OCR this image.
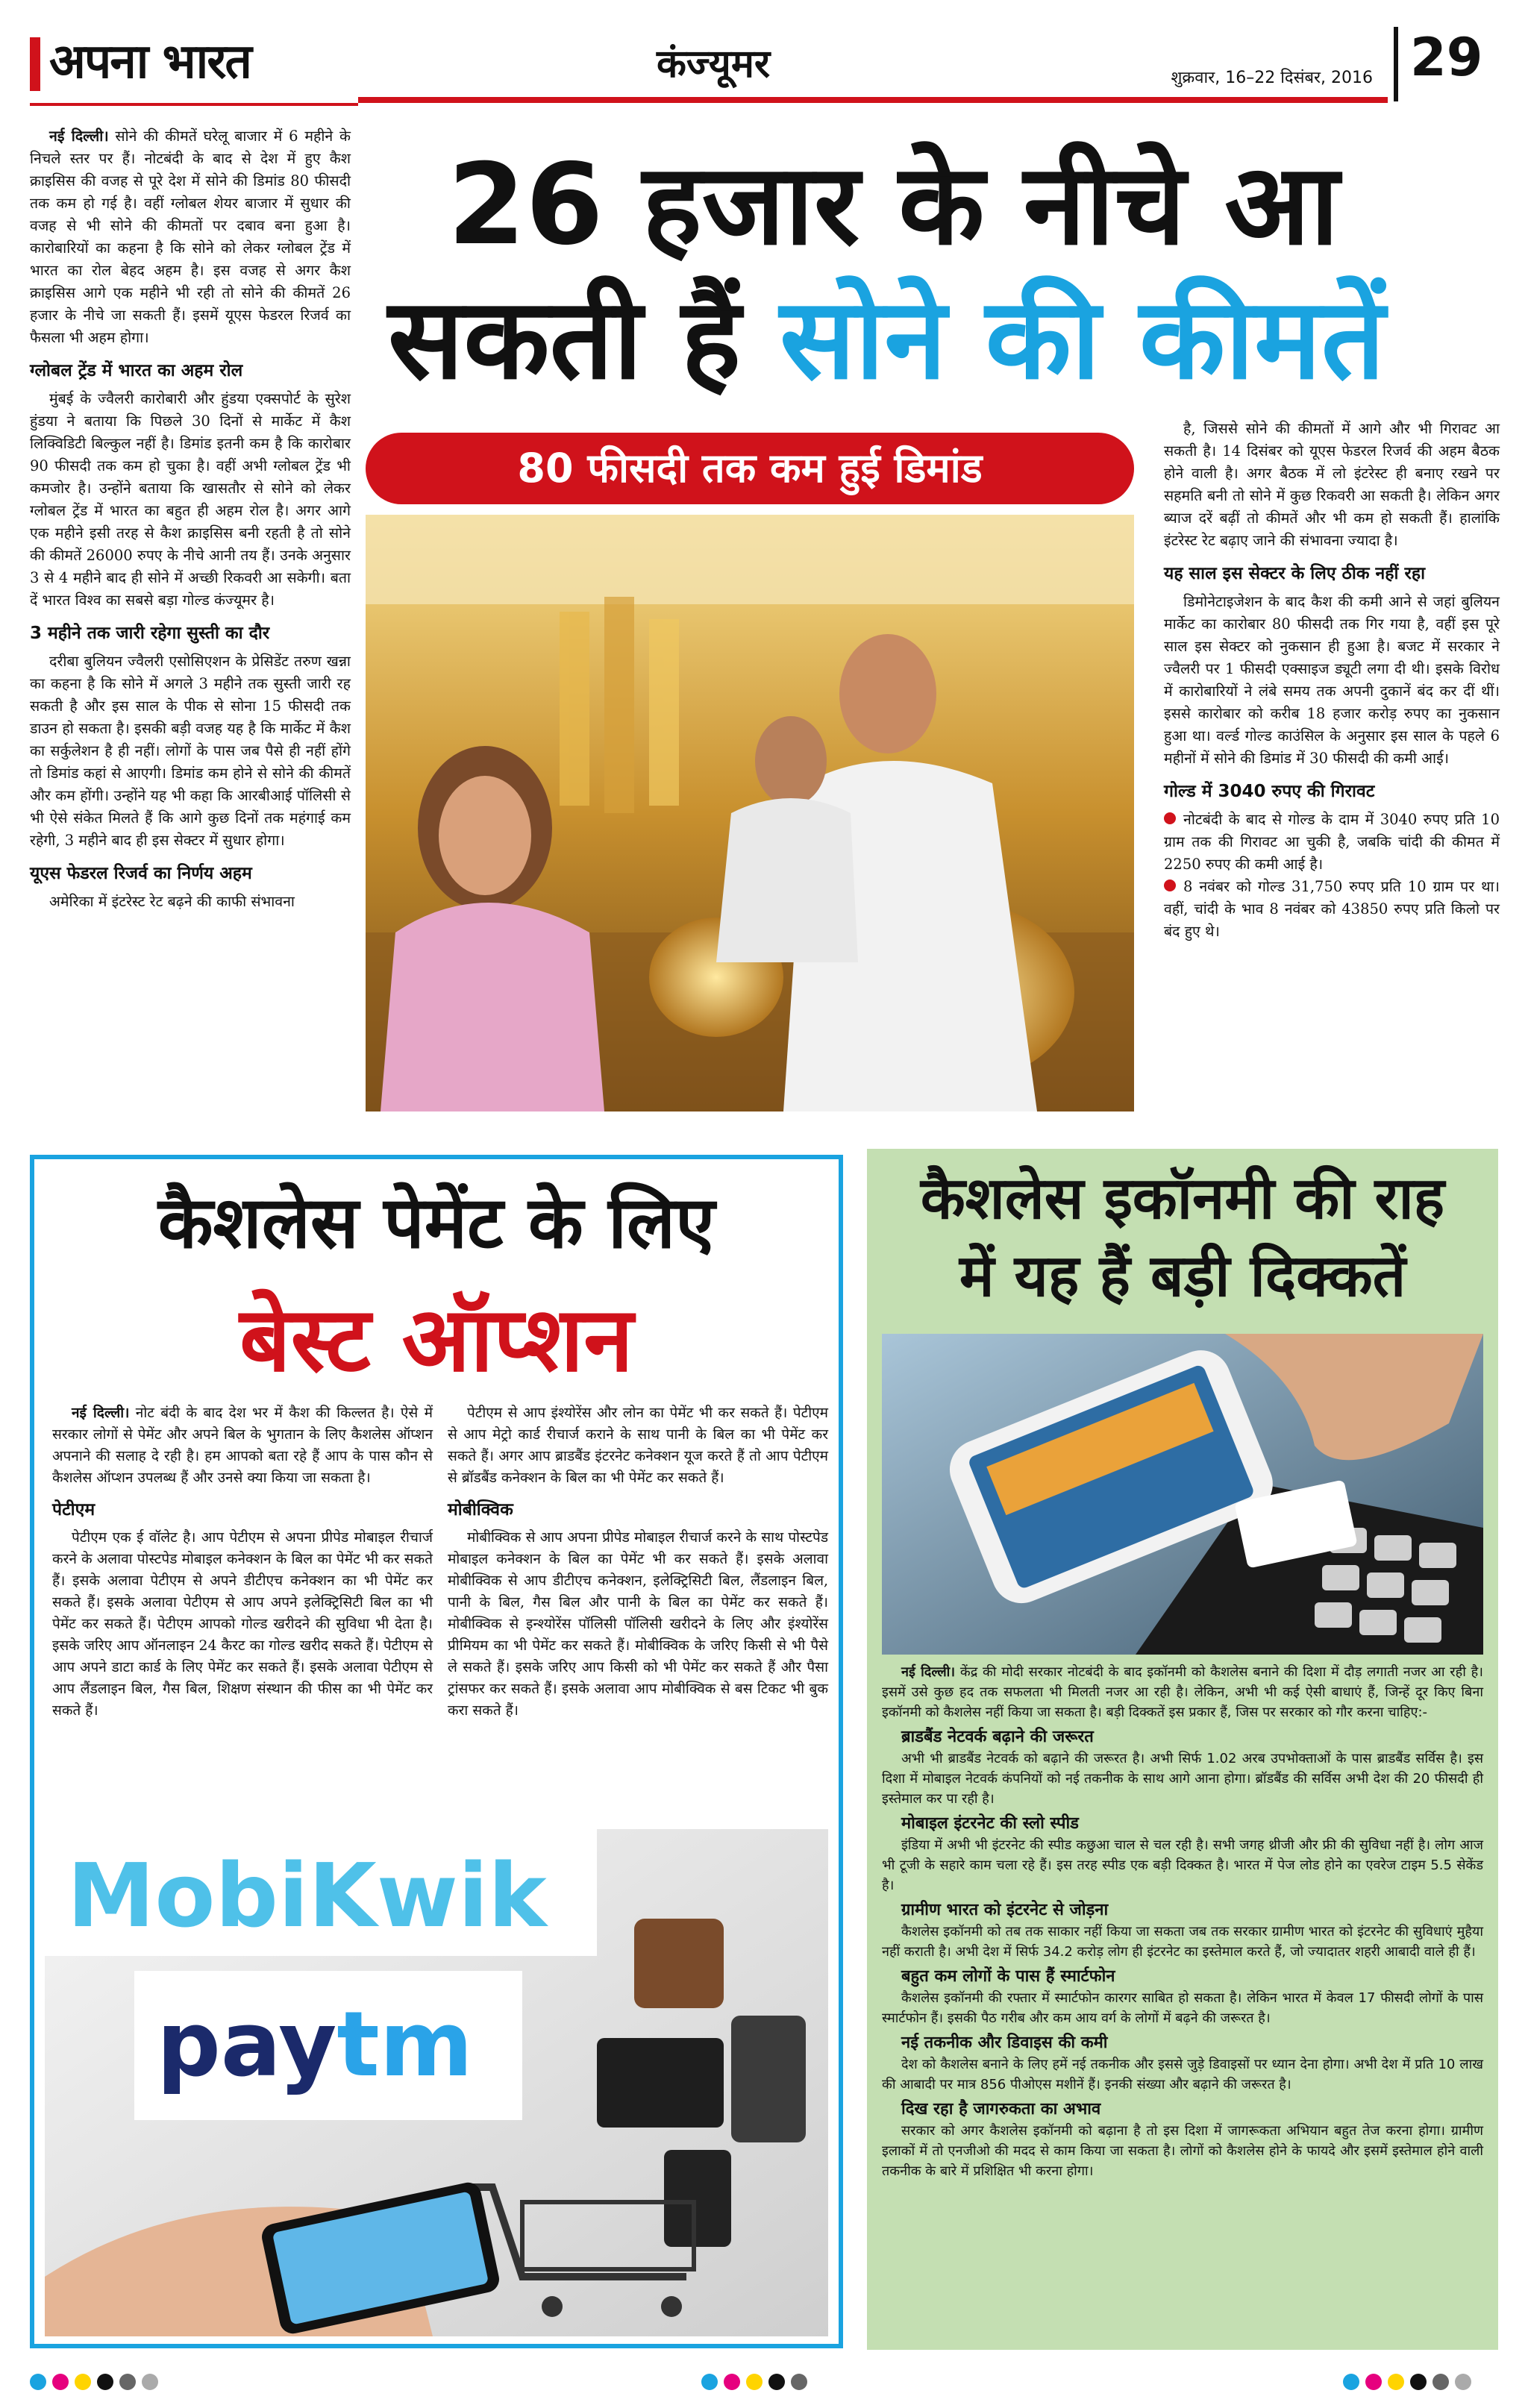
अपना भारत	कंज्यूमर	शुक्रवार, 16–22 दिसंबर, 2016 29

नई दिल्ली। सोने की कीमतें घरेलू बाजार में 6 महीने के निचले स्तर पर हैं। नोटबंदी के बाद से देश में हुए कैश क्राइसिस की वजह से पूरे देश में सोने की डिमांड 80 फीसदी तक कम हो गई है। वहीं ग्लोबल शेयर बाजार में सुधार की वजह से भी सोने की कीमतों पर दबाव बना हुआ है। कारोबारियों का कहना है कि सोने को लेकर ग्लोबल ट्रेंड में भारत का रोल बेहद अहम है। इस वजह से अगर कैश क्राइसिस आगे एक महीने भी रही तो सोने की कीमतें 26 हजार के नीचे जा सकती हैं। इसमें यूएस फेडरल रिजर्व का फैसला भी अहम होगा।

ग्लोबल ट्रेंड में भारत का अहम रोल

मुंबई के ज्वैलरी कारोबारी और हुंडया एक्सपोर्ट के सुरेश हुंडया ने बताया कि पिछले 30 दिनों से मार्केट में कैश लिक्विडिटी बिल्कुल नहीं है। डिमांड इतनी कम है कि कारोबार 90 फीसदी तक कम हो चुका है। वहीं अभी ग्लोबल ट्रेंड भी कमजोर है। उन्होंने बताया कि खासतौर से सोने को लेकर ग्लोबल ट्रेंड में भारत का बहुत ही अहम रोल है। अगर आगे एक महीने इसी तरह से कैश क्राइसिस बनी रहती है तो सोने की कीमतें 26000 रुपए के नीचे आनी तय हैं। उनके अनुसार 3 से 4 महीने बाद ही सोने में अच्छी रिकवरी आ सकेगी। बता दें भारत विश्व का सबसे बड़ा गोल्ड कंज्यूमर है।

3 महीने तक जारी रहेगा सुस्ती का दौर

दरीबा बुलियन ज्वैलरी एसोसिएशन के प्रेसिडेंट तरुण खन्ना का कहना है कि सोने में अगले 3 महीने तक सुस्ती जारी रह सकती है और इस साल के पीक से सोना 15 फीसदी तक डाउन हो सकता है। इसकी बड़ी वजह यह है कि मार्केट में कैश का सर्कुलेशन है ही नहीं। लोगों के पास जब पैसे ही नहीं होंगे तो डिमांड कहां से आएगी। डिमांड कम होने से सोने की कीमतें और कम होंगी। उन्होंने यह भी कहा कि आरबीआई पॉलिसी से भी ऐसे संकेत मिलते हैं कि आगे कुछ दिनों तक महंगाई कम रहेगी, 3 महीने बाद ही इस सेक्टर में सुधार होगा।

यूएस फेडरल रिजर्व का निर्णय अहम

अमेरिका में इंटरेस्ट रेट बढ़ने की काफी संभावना

26 हजार के नीचे आ
सकती हैं सोने की कीमतें
80 फीसदी तक कम हुई डिमांड

है, जिससे सोने की कीमतों में आगे और भी गिरावट आ सकती है। 14 दिसंबर को यूएस फेडरल रिजर्व की अहम बैठक होने वाली है। अगर बैठक में लो इंटरेस्ट ही बनाए रखने पर सहमति बनी तो सोने में कुछ रिकवरी आ सकती है। लेकिन अगर ब्याज दरें बढ़ीं तो कीमतें और भी कम हो सकती हैं। हालांकि इंटरेस्ट रेट बढ़ाए जाने की संभावना ज्यादा है।

यह साल इस सेक्टर के लिए ठीक नहीं रहा

डिमोनेटाइजेशन के बाद कैश की कमी आने से जहां बुलियन मार्केट का कारोबार 80 फीसदी तक गिर गया है, वहीं इस पूरे साल इस सेक्टर को नुकसान ही हुआ है। बजट में सरकार ने ज्वैलरी पर 1 फीसदी एक्साइज ड्यूटी लगा दी थी। इसके विरोध में कारोबारियों ने लंबे समय तक अपनी दुकानें बंद कर दीं थीं। इससे कारोबार को करीब 18 हजार करोड़ रुपए का नुकसान हुआ था। वर्ल्ड गोल्ड काउंसिल के अनुसार इस साल के पहले 6 महीनों में सोने की डिमांड में 30 फीसदी की कमी आई।

गोल्ड में 3040 रुपए की गिरावट

नोटबंदी के बाद से गोल्ड के दाम में 3040 रुपए प्रति 10 ग्राम तक की गिरावट आ चुकी है, जबकि चांदी की कीमत में 2250 रुपए की कमी आई है।

8 नवंबर को गोल्ड 31,750 रुपए प्रति 10 ग्राम पर था। वहीं, चांदी के भाव 8 नवंबर को 43850 रुपए प्रति किलो पर बंद हुए थे।

कैशलेस पेमेंट के लिए
बेस्ट ऑप्शन

नई दिल्ली। नोट बंदी के बाद देश भर में कैश की किल्लत है। ऐसे में सरकार लोगों से पेमेंट और अपने बिल के भुगतान के लिए कैशलेस ऑप्शन अपनाने की सलाह दे रही है। हम आपको बता रहे हैं आप के पास कौन से कैशलेस ऑप्शन उपलब्ध हैं और उनसे क्या किया जा सकता है।

पेटीएम

पेटीएम एक ई वॉलेट है। आप पेटीएम से अपना प्रीपेड मोबाइल रीचार्ज करने के अलावा पोस्टपेड मोबाइल कनेक्शन के बिल का पेमेंट भी कर सकते हैं। इसके अलावा पेटीएम से अपने डीटीएच कनेक्शन का भी पेमेंट कर सकते हैं। इसके अलावा पेटीएम से आप अपने इलेक्ट्रिसिटी बिल का भी पेमेंट कर सकते हैं। पेटीएम आपको गोल्ड खरीदने की सुविधा भी देता है। इसके जरिए आप ऑनलाइन 24 कैरट का गोल्ड खरीद सकते हैं। पेटीएम से आप अपने डाटा कार्ड के लिए पेमेंट कर सकते हैं। इसके अलावा पेटीएम से आप लैंडलाइन बिल, गैस बिल, शिक्षण संस्थान की फीस का भी पेमेंट कर सकते हैं।

पेटीएम से आप इंश्योरेंस और लोन का पेमेंट भी कर सकते हैं। पेटीएम से आप मेट्रो कार्ड रीचार्ज कराने के साथ पानी के बिल का भी पेमेंट कर सकते हैं। अगर आप ब्राडबैंड इंटरनेट कनेक्शन यूज करते हैं तो आप पेटीएम से ब्रॉडबैंड कनेक्शन के बिल का भी पेमेंट कर सकते हैं।

मोबीक्विक

मोबीक्विक से आप अपना प्रीपेड मोबाइल रीचार्ज करने के साथ पोस्टपेड मोबाइल कनेक्शन के बिल का पेमेंट भी कर सकते हैं। इसके अलावा मोबीक्विक से आप डीटीएच कनेक्शन, इलेक्ट्रिसिटी बिल, लैंडलाइन बिल, पानी के बिल, गैस बिल और पानी के बिल का पेमेंट कर सकते हैं। मोबीक्विक से इन्श्योरेंस पॉलिसी पॉलिसी खरीदने के लिए और इंश्योरेंस प्रीमियम का भी पेमेंट कर सकते हैं। मोबीक्विक के जरिए किसी से भी पैसे ले सकते हैं। इसके जरिए आप किसी को भी पेमेंट कर सकते हैं और पैसा ट्रांसफर कर सकते हैं। इसके अलावा आप मोबीक्विक से बस टिकट भी बुक करा सकते हैं।

MobiKwik
paytm
कैशलेस इकॉनमी की राह
में यह हैं बड़ी दिक्कतें

नई दिल्ली। केंद्र की मोदी सरकार नोटबंदी के बाद इकॉनमी को कैशलेस बनाने की दिशा में दौड़ लगाती नजर आ रही है। इसमें उसे कुछ हद तक सफलता भी मिलती नजर आ रही है। लेकिन, अभी भी कई ऐसी बाधाएं हैं, जिन्हें दूर किए बिना इकॉनमी को कैशलेस नहीं किया जा सकता है। बड़ी दिक्कतें इस प्रकार हैं, जिस पर सरकार को गौर करना चाहिए:-

ब्राडबैंड नेटवर्क बढ़ाने की जरूरत

अभी भी ब्राडबैंड नेटवर्क को बढ़ाने की जरूरत है। अभी सिर्फ 1.02 अरब उपभोक्ताओं के पास ब्राडबैंड सर्विस है। इस दिशा में मोबाइल नेटवर्क कंपनियों को नई तकनीक के साथ आगे आना होगा। ब्रॉडबैंड की सर्विस अभी देश की 20 फीसदी ही इस्तेमाल कर पा रही है।

मोबाइल इंटरनेट की स्लो स्पीड

इंडिया में अभी भी इंटरनेट की स्पीड कछुआ चाल से चल रही है। सभी जगह थ्रीजी और फ्री की सुविधा नहीं है। लोग आज भी टूजी के सहारे काम चला रहे हैं। इस तरह स्पीड एक बड़ी दिक्कत है। भारत में पेज लोड होने का एवरेज टाइम 5.5 सेकेंड है।

ग्रामीण भारत को इंटरनेट से जोड़ना

कैशलेस इकॉनमी को तब तक साकार नहीं किया जा सकता जब तक सरकार ग्रामीण भारत को इंटरनेट की सुविधाएं मुहैया नहीं कराती है। अभी देश में सिर्फ 34.2 करोड़ लोग ही इंटरनेट का इस्तेमाल करते हैं, जो ज्यादातर शहरी आबादी वाले ही हैं।

बहुत कम लोगों के पास हैं स्मार्टफोन

कैशलेस इकॉनमी की रफ्तार में स्मार्टफोन कारगर साबित हो सकता है। लेकिन भारत में केवल 17 फीसदी लोगों के पास स्मार्टफोन हैं। इसकी पैठ गरीब और कम आय वर्ग के लोगों में बढ़ने की जरूरत है।

नई तकनीक और डिवाइस की कमी

देश को कैशलेस बनाने के लिए हमें नई तकनीक और इससे जुड़े डिवाइसों पर ध्यान देना होगा। अभी देश में प्रति 10 लाख की आबादी पर मात्र 856 पीओएस मशीनें हैं। इनकी संख्या और बढ़ाने की जरूरत है।

दिख रहा है जागरुकता का अभाव

सरकार को अगर कैशलेस इकॉनमी को बढ़ाना है तो इस दिशा में जागरूकता अभियान बहुत तेज करना होगा। ग्रामीण इलाकों में तो एनजीओ की मदद से काम किया जा सकता है। लोगों को कैशलेस होने के फायदे और इसमें इस्तेमाल होने वाली तकनीक के बारे में प्रशिक्षित भी करना होगा।
